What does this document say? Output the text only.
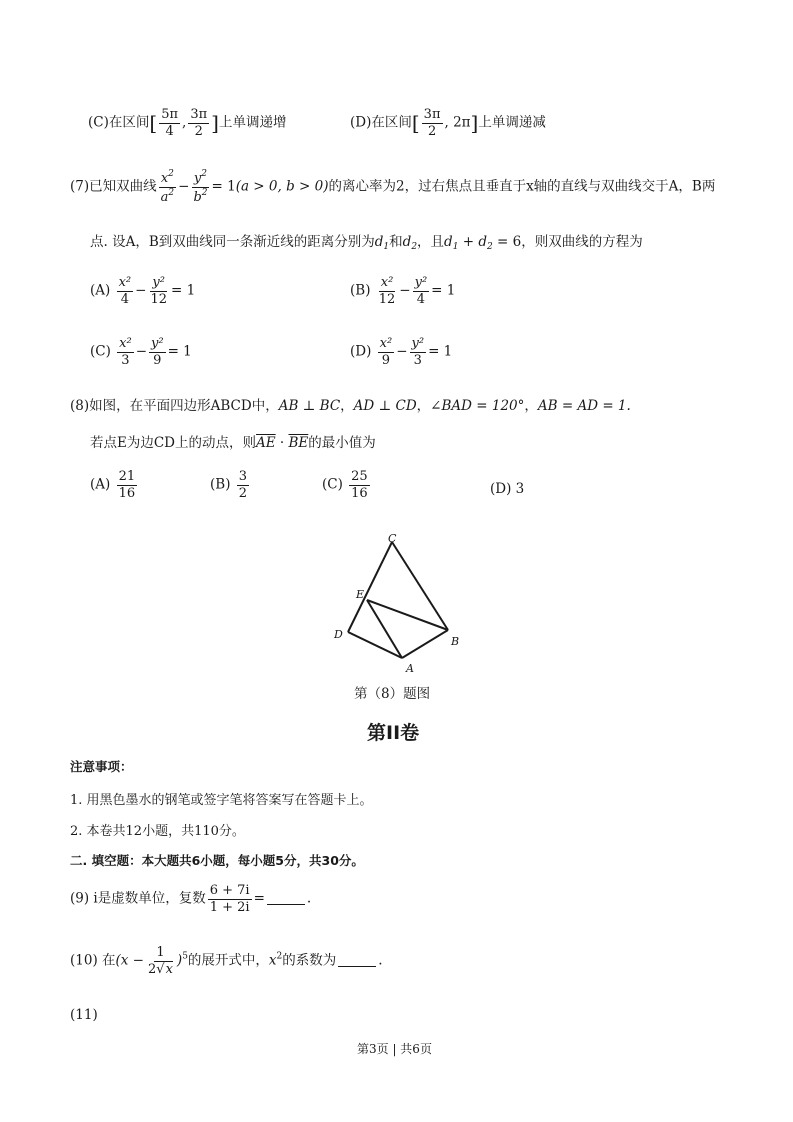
(C)在区间[ $\frac{5\pi}{4}$ , $\frac{3\pi}{2}$ ]上单调递增	(D)在区间[ $\frac{3\pi}{2}$ , 2π]上单调递减
(7)已知双曲线 $\frac{x^2}{a^2} - \frac{y^2}{b^2} = 1(a > 0$, b > 0)的离心率为2，过右焦点且垂直于x轴的直线与双曲线交于A，B两
点. 设A，B到双曲线同一条渐近线的距离分别为$d_1$和$d_2$，且$d_1 + d_2 = 6$，则双曲线的方程为
$(A) \frac{\text{x²}}{4} - \frac{\text{y²}}{12} = 1$	$(B) \frac{\text{x²}}{12} - \frac{\text{y²}}{4} = 1$
$(C) \frac{\text{x²}}{3} - \frac{\text{y²}}{9} = 1$	$(D) \frac{\text{x²}}{9} - \frac{\text{y²}}{3} = 1$
(8)如图，在平面四边形ABCD中，AB ⊥ BC，AD ⊥ CD，∠BAD = 120°，AB = AD = 1.
若点E为边CD上的动点，则$\overline{AE} \cdot \overline{BE}$的最小值为
$(A) \frac{21}{16}$	$(B) \frac{3}{2}$	$(C) \frac{25}{16}$	(D) 3
C
E
D
B
A
第（8）题图
第II卷
注意事项：
1. 用黑色墨水的钢笔或签字笔将答案写在答题卡上。
2. 本卷共12小题，共110分。
二. 填空题：本大题共6小题，每小题5分，共30分。
(9) i是虚数单位，复数 $\frac{6 + 7i}{1 + 2i}$ =	.
(10) 在$(x - \frac{1}{2√x} )^5$的展开式中，$x^2$的系数为	.
(11)
第3页 | 共6页
